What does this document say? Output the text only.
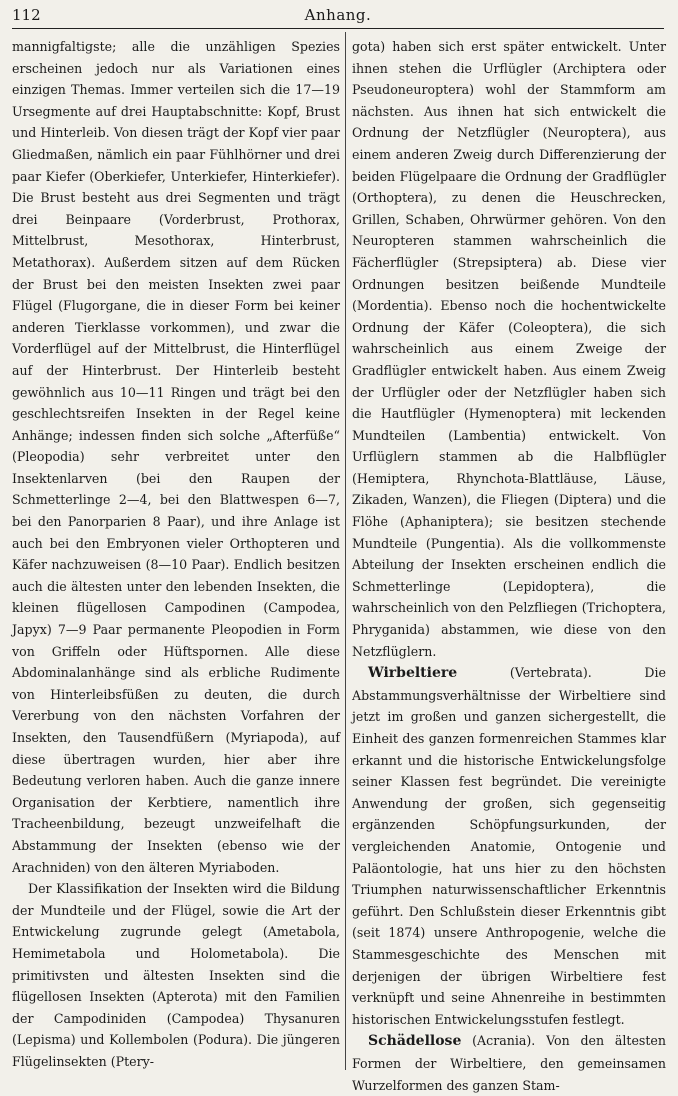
112	Anhang.

mannigfaltigste; alle die unzähligen Spezies erscheinen jedoch nur als Variationen eines einzigen Themas. Immer verteilen sich die 17—19 Ursegmente auf drei Hauptabschnitte: Kopf, Brust und Hinterleib. Von diesen trägt der Kopf vier paar Gliedmaßen, nämlich ein paar Fühlhörner und drei paar Kiefer (Oberkiefer, Unterkiefer, Hinterkiefer). Die Brust besteht aus drei Segmenten und trägt drei Beinpaare (Vorderbrust, Prothorax, Mittelbrust, Mesothorax, Hinterbrust, Metathorax). Außerdem sitzen auf dem Rücken der Brust bei den meisten Insekten zwei paar Flügel (Flugorgane, die in dieser Form bei keiner anderen Tierklasse vorkommen), und zwar die Vorderflügel auf der Mittelbrust, die Hinterflügel auf der Hinterbrust. Der Hinterleib besteht gewöhnlich aus 10—11 Ringen und trägt bei den geschlechtsreifen Insekten in der Regel keine Anhänge; indessen finden sich solche „Afterfüße“ (Pleopodia) sehr verbreitet unter den Insektenlarven (bei den Raupen der Schmetterlinge 2—4, bei den Blattwespen 6—7, bei den Panorparien 8 Paar), und ihre Anlage ist auch bei den Embryonen vieler Orthopteren und Käfer nachzuweisen (8—10 Paar). Endlich besitzen auch die ältesten unter den lebenden Insekten, die kleinen flügellosen Campodinen (Campodea, Japyx) 7—9 Paar permanente Pleopodien in Form von Griffeln oder Hüftspornen. Alle diese Abdominalanhänge sind als erbliche Rudimente von Hinterleibsfüßen zu deuten, die durch Vererbung von den nächsten Vorfahren der Insekten, den Tausendfüßern (Myriapoda), auf diese übertragen wurden, hier aber ihre Bedeutung verloren haben. Auch die ganze innere Organisation der Kerbtiere, namentlich ihre Tracheenbildung, bezeugt unzweifelhaft die Abstammung der Insekten (ebenso wie der Arachniden) von den älteren Myriaboden.

Der Klassifikation der Insekten wird die Bildung der Mundteile und der Flügel, sowie die Art der Entwickelung zugrunde gelegt (Ametabola, Hemimetabola und Holometabola). Die primitivsten und ältesten Insekten sind die flügellosen Insekten (Apterota) mit den Familien der Campodiniden (Campodea) Thysanuren (Lepisma) und Kollembolen (Podura). Die jüngeren Flügelinsekten (Ptery-

gota) haben sich erst später entwickelt. Unter ihnen stehen die Urflügler (Archiptera oder Pseudoneuroptera) wohl der Stammform am nächsten. Aus ihnen hat sich entwickelt die Ordnung der Netzflügler (Neuroptera), aus einem anderen Zweig durch Differenzierung der beiden Flügelpaare die Ordnung der Gradflügler (Orthoptera), zu denen die Heuschrecken, Grillen, Schaben, Ohrwürmer gehören. Von den Neuropteren stammen wahrscheinlich die Fächerflügler (Strepsiptera) ab. Diese vier Ordnungen besitzen beißende Mundteile (Mordentia). Ebenso noch die hochentwickelte Ordnung der Käfer (Coleoptera), die sich wahrscheinlich aus einem Zweige der Gradflügler entwickelt haben. Aus einem Zweig der Urflügler oder der Netzflügler haben sich die Hautflügler (Hymenoptera) mit leckenden Mundteilen (Lambentia) entwickelt. Von Urflüglern stammen ab die Halbflügler (Hemiptera, Rhynchota-Blattläuse, Läuse, Zikaden, Wanzen), die Fliegen (Diptera) und die Flöhe (Aphaniptera); sie besitzen stechende Mundteile (Pungentia). Als die vollkommenste Abteilung der Insekten erscheinen endlich die Schmetterlinge (Lepidoptera), die wahrscheinlich von den Pelzfliegen (Trichoptera, Phryganida) abstammen, wie diese von den Netzflüglern.

Wirbeltiere	(Vertebrata). Die Abstammungsverhältnisse der Wirbeltiere sind jetzt im großen und ganzen sichergestellt, die Einheit des ganzen formenreichen Stammes klar erkannt und die historische Entwickelungsfolge seiner Klassen fest begründet. Die vereinigte Anwendung der großen, sich gegenseitig ergänzenden Schöpfungsurkunden, der vergleichenden Anatomie, Ontogenie und Paläontologie, hat uns hier zu den höchsten Triumphen naturwissenschaftlicher Erkenntnis geführt. Den Schlußstein dieser Erkenntnis gibt (seit 1874) unsere Anthropogenie, welche die Stammesgeschichte des Menschen mit derjenigen der übrigen Wirbeltiere fest verknüpft und seine Ahnenreihe in bestimmten historischen Entwickelungsstufen festlegt.

Schädellose (Acrania). Von den ältesten Formen der Wirbeltiere, den gemeinsamen Wurzelformen des ganzen Stam-
